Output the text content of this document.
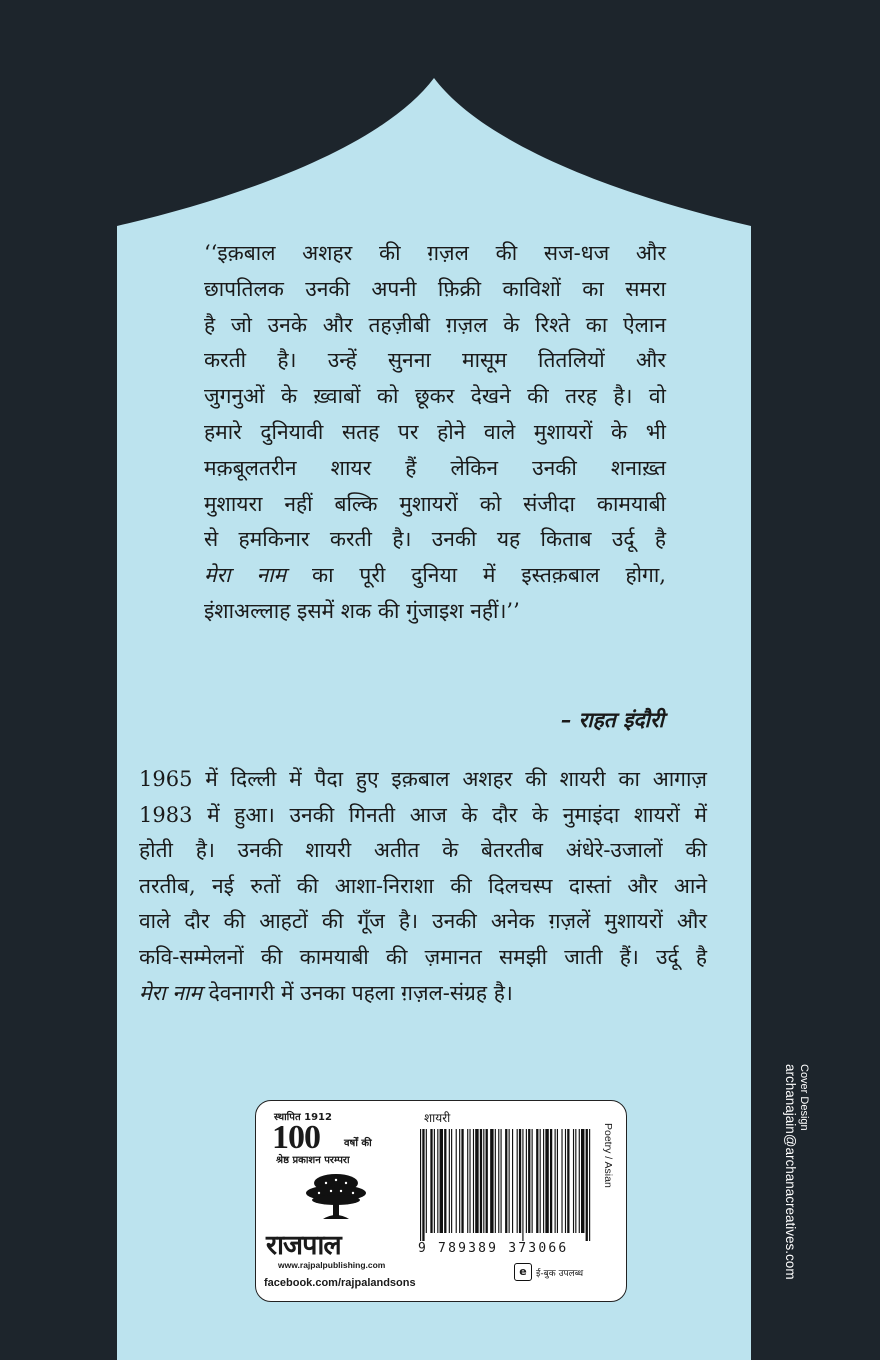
‘‘इक़बाल अशहर की ग़ज़ल की सज-धज और
छापतिलक उनकी अपनी फ़िक्री काविशों का समरा
है जो उनके और तहज़ीबी ग़ज़ल के रिश्ते का ऐलान
करती है। उन्हें सुनना मासूम तितलियों और
जुगनुओं के ख़्वाबों को छूकर देखने की तरह है। वो
हमारे दुनियावी सतह पर होने वाले मुशायरों के भी
मक़बूलतरीन शायर हैं लेकिन उनकी शनाख़्त
मुशायरा नहीं बल्कि मुशायरों को संजीदा कामयाबी
से हमकिनार करती है। उनकी यह किताब उर्दू है
मेरा नाम का पूरी दुनिया में इस्तक़बाल होगा,
इंशाअल्लाह इसमें शक की गुंजाइश नहीं।’’
– राहत इंदौरी
1965 में दिल्ली में पैदा हुए इक़बाल अशहर की शायरी का आगाज़
1983 में हुआ। उनकी गिनती आज के दौर के नुमाइंदा शायरों में
होती है। उनकी शायरी अतीत के बेतरतीब अंधेरे-उजालों की
तरतीब, नई रुतों की आशा-निराशा की दिलचस्प दास्तां और आने
वाले दौर की आहटों की गूँज है। उनकी अनेक ग़ज़लें मुशायरों और
कवि-सम्मेलनों की कामयाबी की ज़मानत समझी जाती हैं। उर्दू है
मेरा नाम देवनागरी में उनका पहला ग़ज़ल-संग्रह है।
Cover Design
archanajain@archanacreatives.com
स्थापित 1912
100 वर्षों की
श्रेष्ठ प्रकाशन परम्परा
राजपाल
www.rajpalpublishing.com
facebook.com/rajpalandsons
शायरी
9 789389 373066
e	ई-बुक उपलब्ध
Poetry / Asian
